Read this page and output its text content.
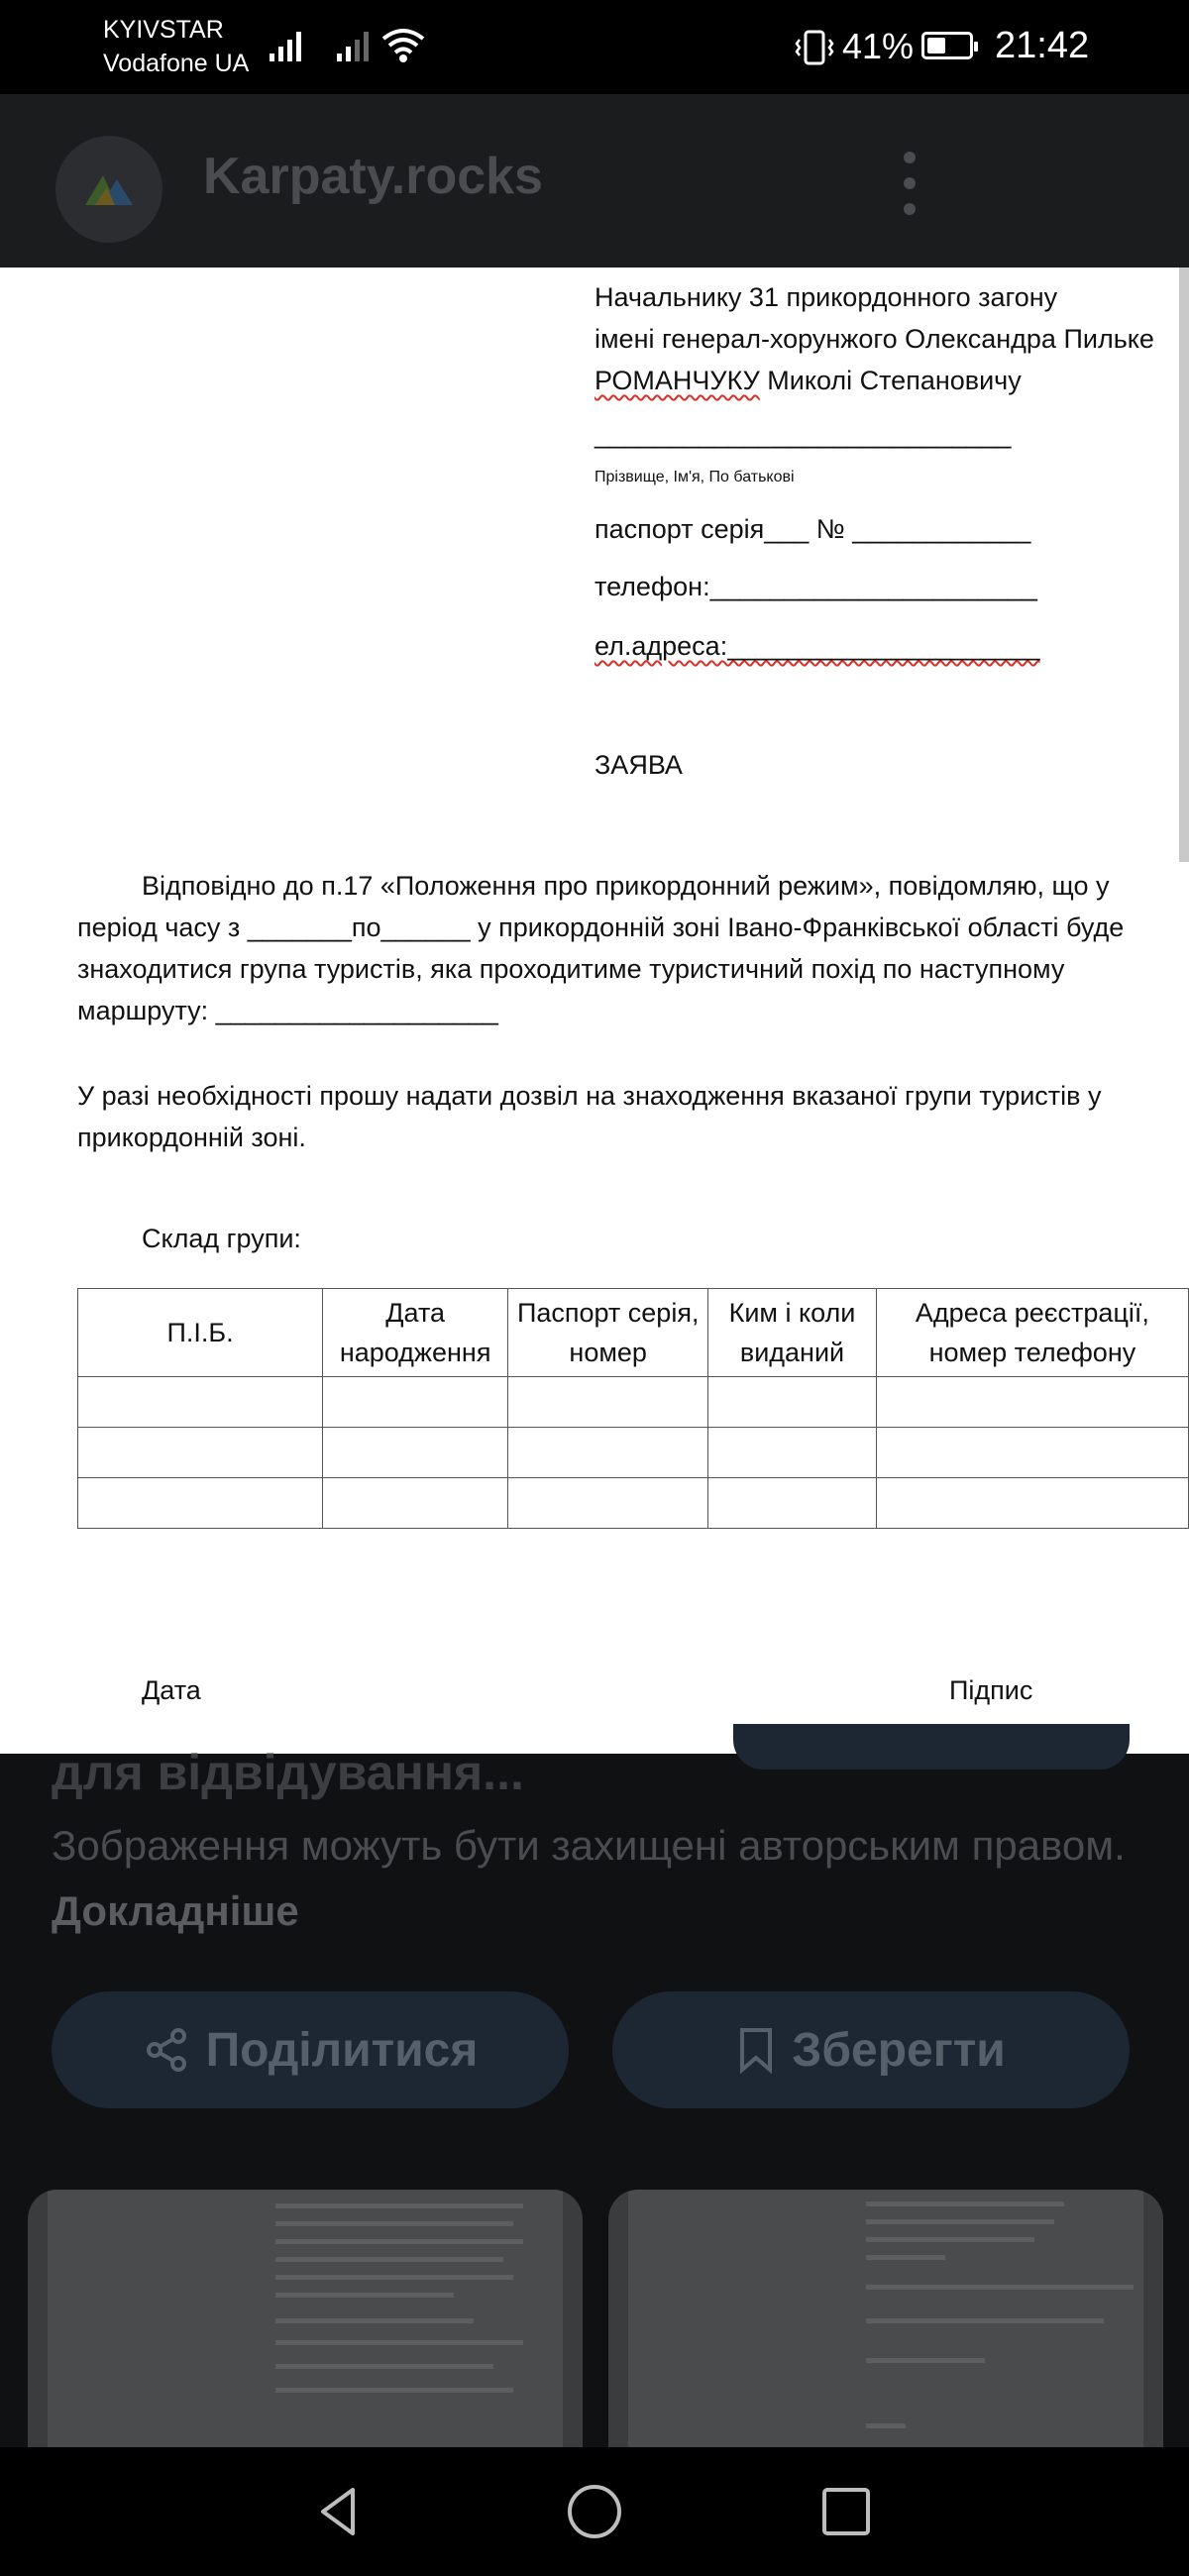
KYIVSTAR
Vodafone UA	41% 21:42
Karpaty.rocks
Начальнику 31 прикордонного загону
імені генерал-хорунжого Олександра Пильке
РОМАНЧУКУ Миколі Степановичу
____________________________
Прізвище, Ім'я, По батькові
паспорт серія___ № ____________
телефон:______________________
ел.адреса:_____________________
ЗАЯВА
Відповідно до п.17 «Положення про прикордонний режим», повідомляю, що у
період часу з _______по______ у прикордонній зоні Івано-Франківської області буде
знаходитися група туристів, яка проходитиме туристичний похід по наступному
маршруту: ___________________
У разі необхідності прошу надати дозвіл на знаходження вказаної групи туристів у
прикордонній зоні.
Склад групи:
П.І.Б.	Дата народження	Паспорт серія, номер	Ким і коли виданий	Адреса реєстрації, номер телефону

Дата	Підпис
для відвідування...
Зображення можуть бути захищені авторським правом. Докладніше
Поділитися	Зберегти
